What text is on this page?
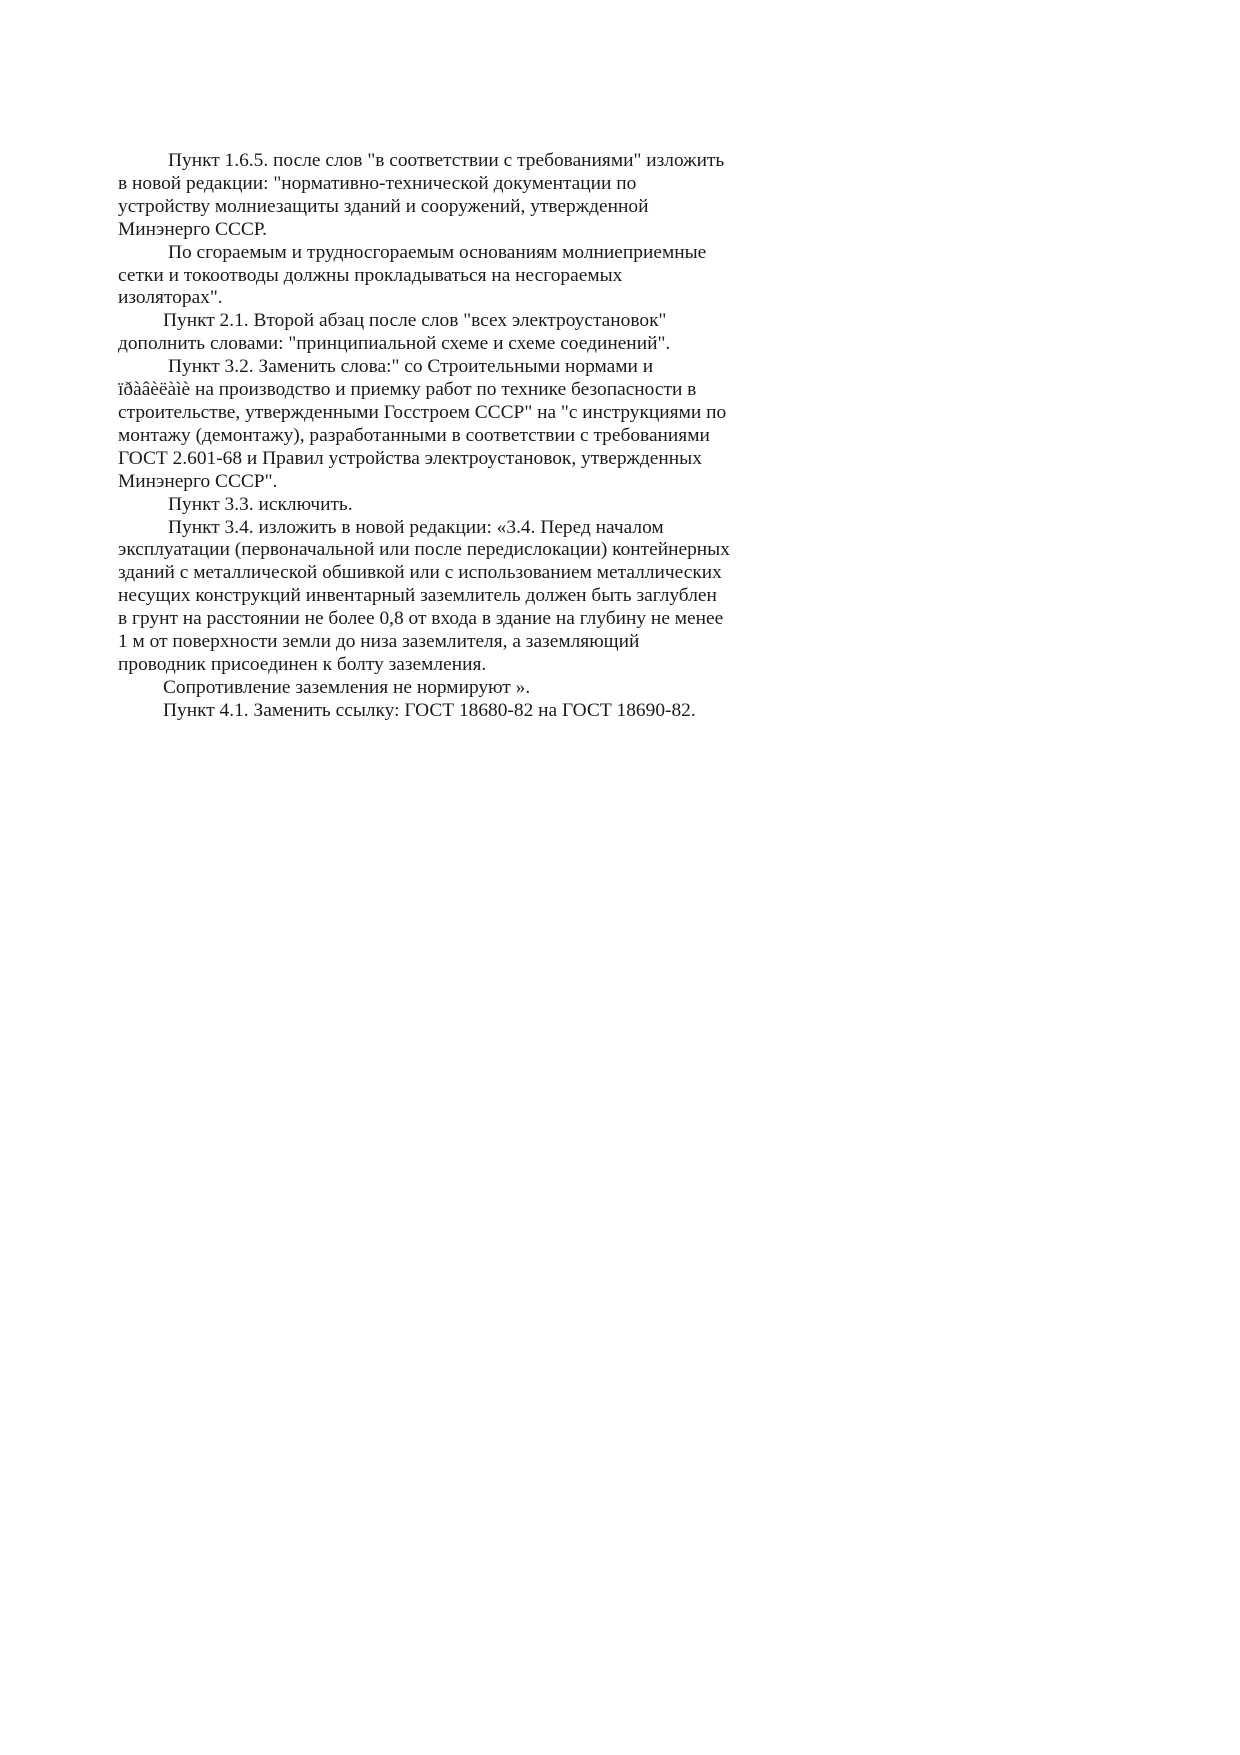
Пункт 1.6.5. после слов "в соответствии с требованиями" изложить
в новой редакции: "нормативно-технической документации по
устройству молниезащиты зданий и сооружений, утвержденной
Минэнерго СССР.

По сгораемым и трудносгораемым основаниям молниеприемные
сетки и токоотводы должны прокладываться на несгораемых
изоляторах".

Пункт 2.1. Второй абзац после слов "всех электроустановок"
дополнить словами: "принципиальной схеме и схеме соединений".

Пункт 3.2. Заменить слова:" со Строительными нормами и
ïðàâèëàìè на производство и приемку работ по технике безопасности в
строительстве, утвержденными Госстроем СССР" на "с инструкциями по
монтажу (демонтажу), разработанными в соответствии с требованиями
ГОСТ 2.601-68 и Правил устройства электроустановок, утвержденных
Минэнерго СССР".

Пункт 3.3. исключить.

Пункт 3.4. изложить в новой редакции: «3.4. Перед началом
эксплуатации (первоначальной или после передислокации) контейнерных
зданий с металлической обшивкой или с использованием металлических
несущих конструкций инвентарный заземлитель должен быть заглублен
в грунт на расстоянии не более 0,8 от входа в здание на глубину не менее
1 м от поверхности земли до низа заземлителя, а заземляющий
проводник присоединен к болту заземления.

Сопротивление заземления не нормируют ».

Пункт 4.1. Заменить ссылку: ГОСТ 18680-82 на ГОСТ 18690-82.
